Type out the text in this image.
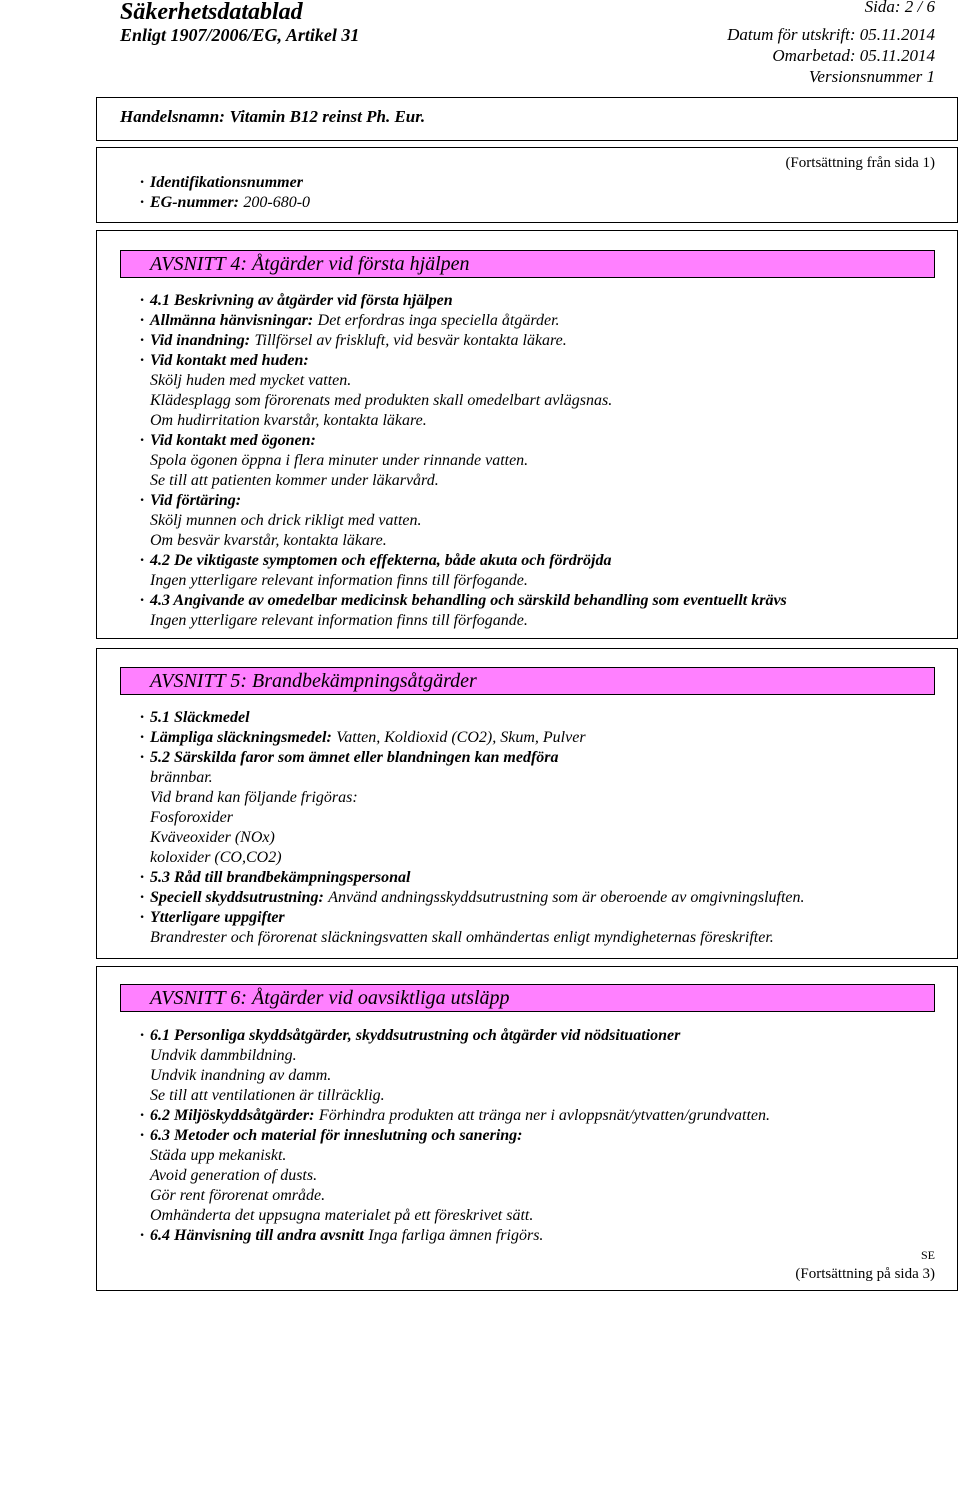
Säkerhetsdatablad
Enligt 1907/2006/EG, Artikel 31
Sida: 2 / 6
Datum för utskrift: 05.11.2014
Omarbetad: 05.11.2014
Versionsnummer 1
Handelsnamn: Vitamin B12 reinst Ph. Eur.
(Fortsättning från sida 1)
· Identifikationsnummer
· EG-nummer: 200-680-0
AVSNITT 4: Åtgärder vid första hjälpen
· 4.1 Beskrivning av åtgärder vid första hjälpen
· Allmänna hänvisningar: Det erfordras inga speciella åtgärder.
· Vid inandning: Tillförsel av friskluft, vid besvär kontakta läkare.
· Vid kontakt med huden:
Skölj huden med mycket vatten.
Klädesplagg som förorenats med produkten skall omedelbart avlägsnas.
Om hudirritation kvarstår, kontakta läkare.
· Vid kontakt med ögonen:
Spola ögonen öppna i flera minuter under rinnande vatten.
Se till att patienten kommer under läkarvård.
· Vid förtäring:
Skölj munnen och drick rikligt med vatten.
Om besvär kvarstår, kontakta läkare.
· 4.2 De viktigaste symptomen och effekterna, både akuta och fördröjda
Ingen ytterligare relevant information finns till förfogande.
· 4.3 Angivande av omedelbar medicinsk behandling och särskild behandling som eventuellt krävs
Ingen ytterligare relevant information finns till förfogande.
AVSNITT 5: Brandbekämpningsåtgärder
· 5.1 Släckmedel
· Lämpliga släckningsmedel: Vatten, Koldioxid (CO2), Skum, Pulver
· 5.2 Särskilda faror som ämnet eller blandningen kan medföra
brännbar.
Vid brand kan följande frigöras:
Fosforoxider
Kväveoxider (NOx)
koloxider (CO,CO2)
· 5.3 Råd till brandbekämpningspersonal
· Speciell skyddsutrustning: Använd andningsskyddsutrustning som är oberoende av omgivningsluften.
· Ytterligare uppgifter
Brandrester och förorenat släckningsvatten skall omhändertas enligt myndigheternas föreskrifter.
AVSNITT 6: Åtgärder vid oavsiktliga utsläpp
· 6.1 Personliga skyddsåtgärder, skyddsutrustning och åtgärder vid nödsituationer
Undvik dammbildning.
Undvik inandning av damm.
Se till att ventilationen är tillräcklig.
· 6.2 Miljöskyddsåtgärder: Förhindra produkten att tränga ner i avloppsnät/ytvatten/grundvatten.
· 6.3 Metoder och material för inneslutning och sanering:
Städa upp mekaniskt.
Avoid generation of dusts.
Gör rent förorenat område.
Omhänderta det uppsugna materialet på ett föreskrivet sätt.
· 6.4 Hänvisning till andra avsnitt Inga farliga ämnen frigörs.
SE
(Fortsättning på sida 3)
